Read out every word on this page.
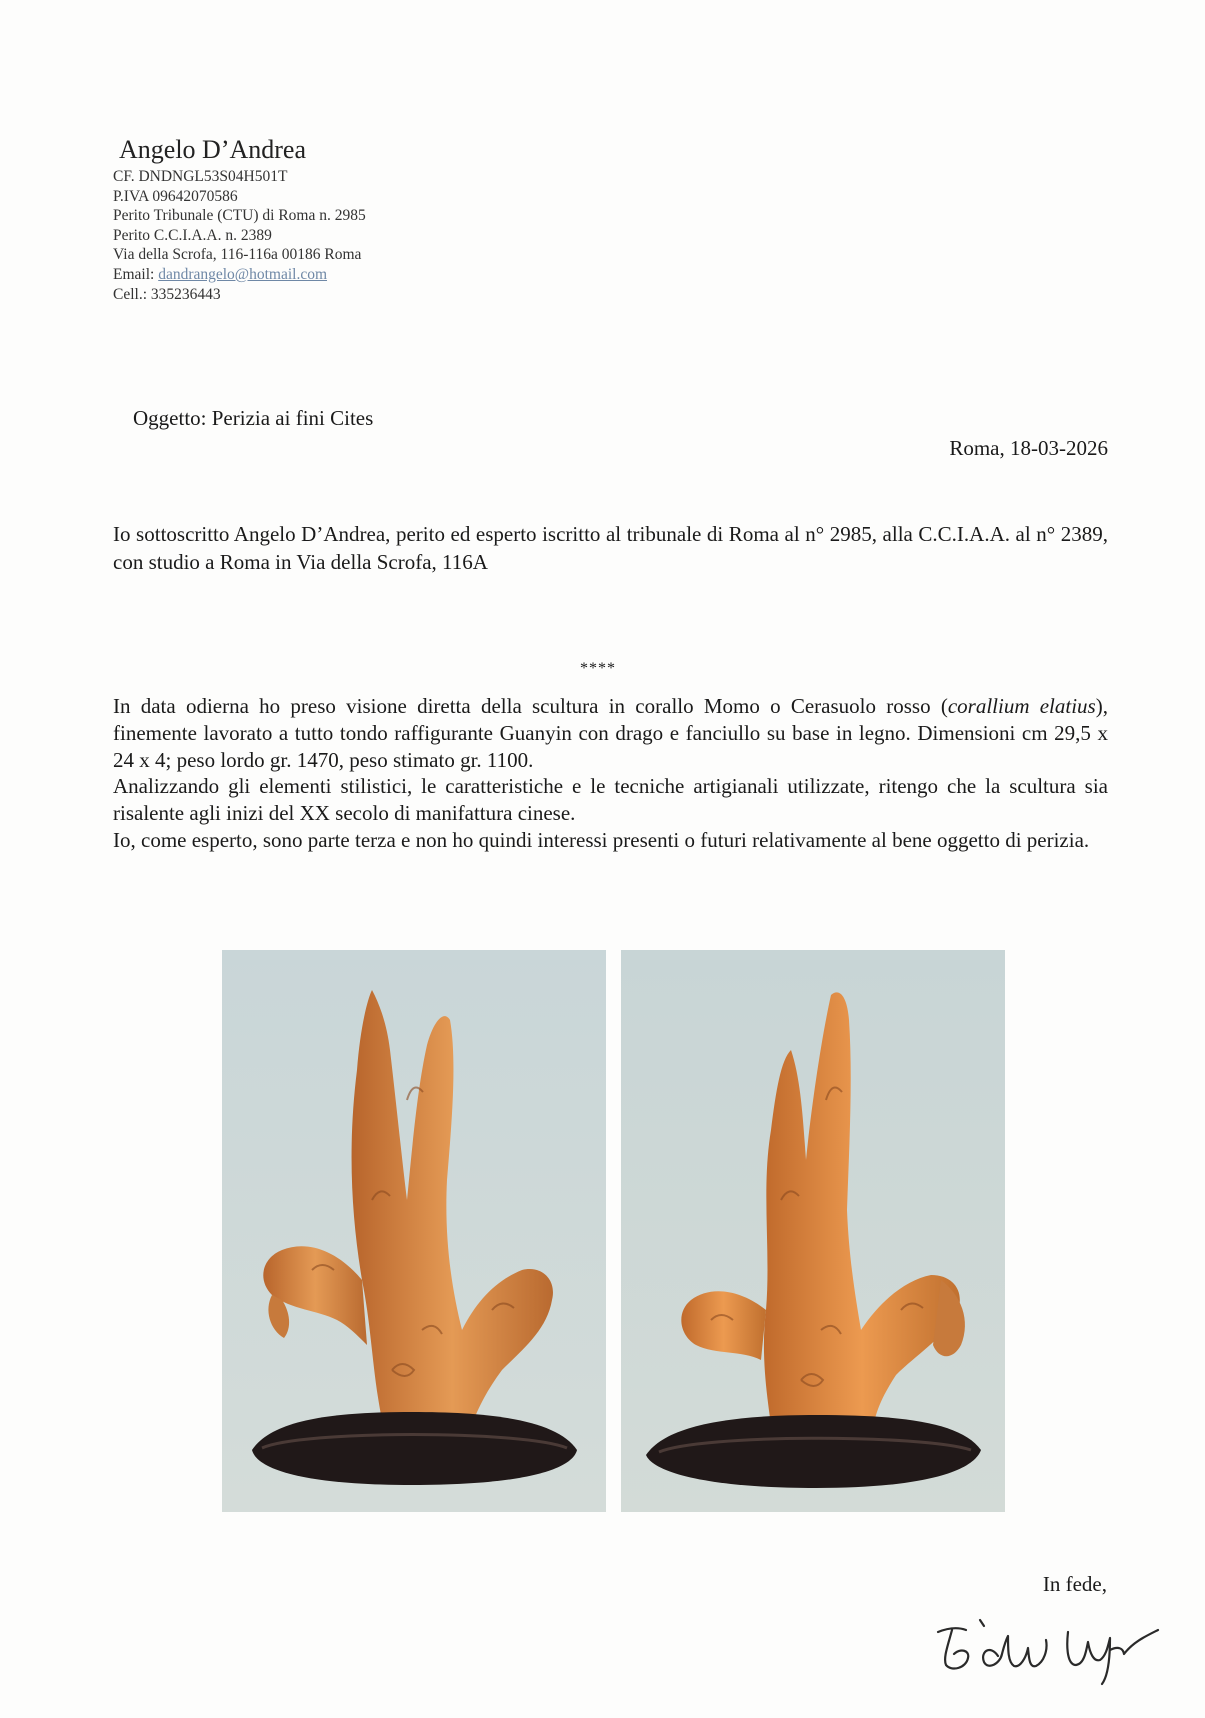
Angelo D’Andrea
CF. DNDNGL53S04H501T
P.IVA 09642070586
Perito Tribunale (CTU) di Roma n. 2985
Perito C.C.I.A.A. n. 2389
Via della Scrofa, 116-116a 00186 Roma
Email: dandrangelo@hotmail.com
Cell.: 335236443
Oggetto: Perizia ai fini Cites
Roma, 18-03-2026
Io sottoscritto Angelo D’Andrea, perito ed esperto iscritto al tribunale di Roma al n° 2985, alla C.C.I.A.A. al n° 2389, con studio a Roma in Via della Scrofa, 116A
****

In data odierna ho preso visione diretta della scultura in corallo Momo o Cerasuolo rosso (corallium elatius), finemente lavorato a tutto tondo raffigurante Guanyin con drago e fanciullo su base in legno. Dimensioni cm 29,5 x 24 x 4; peso lordo gr. 1470, peso stimato gr. 1100.

Analizzando gli elementi stilistici, le caratteristiche e le tecniche artigianali utilizzate, ritengo che la scultura sia risalente agli inizi del XX secolo di manifattura cinese.

Io, come esperto, sono parte terza e non ho quindi interessi presenti o futuri relativamente al bene oggetto di perizia.

In fede,
